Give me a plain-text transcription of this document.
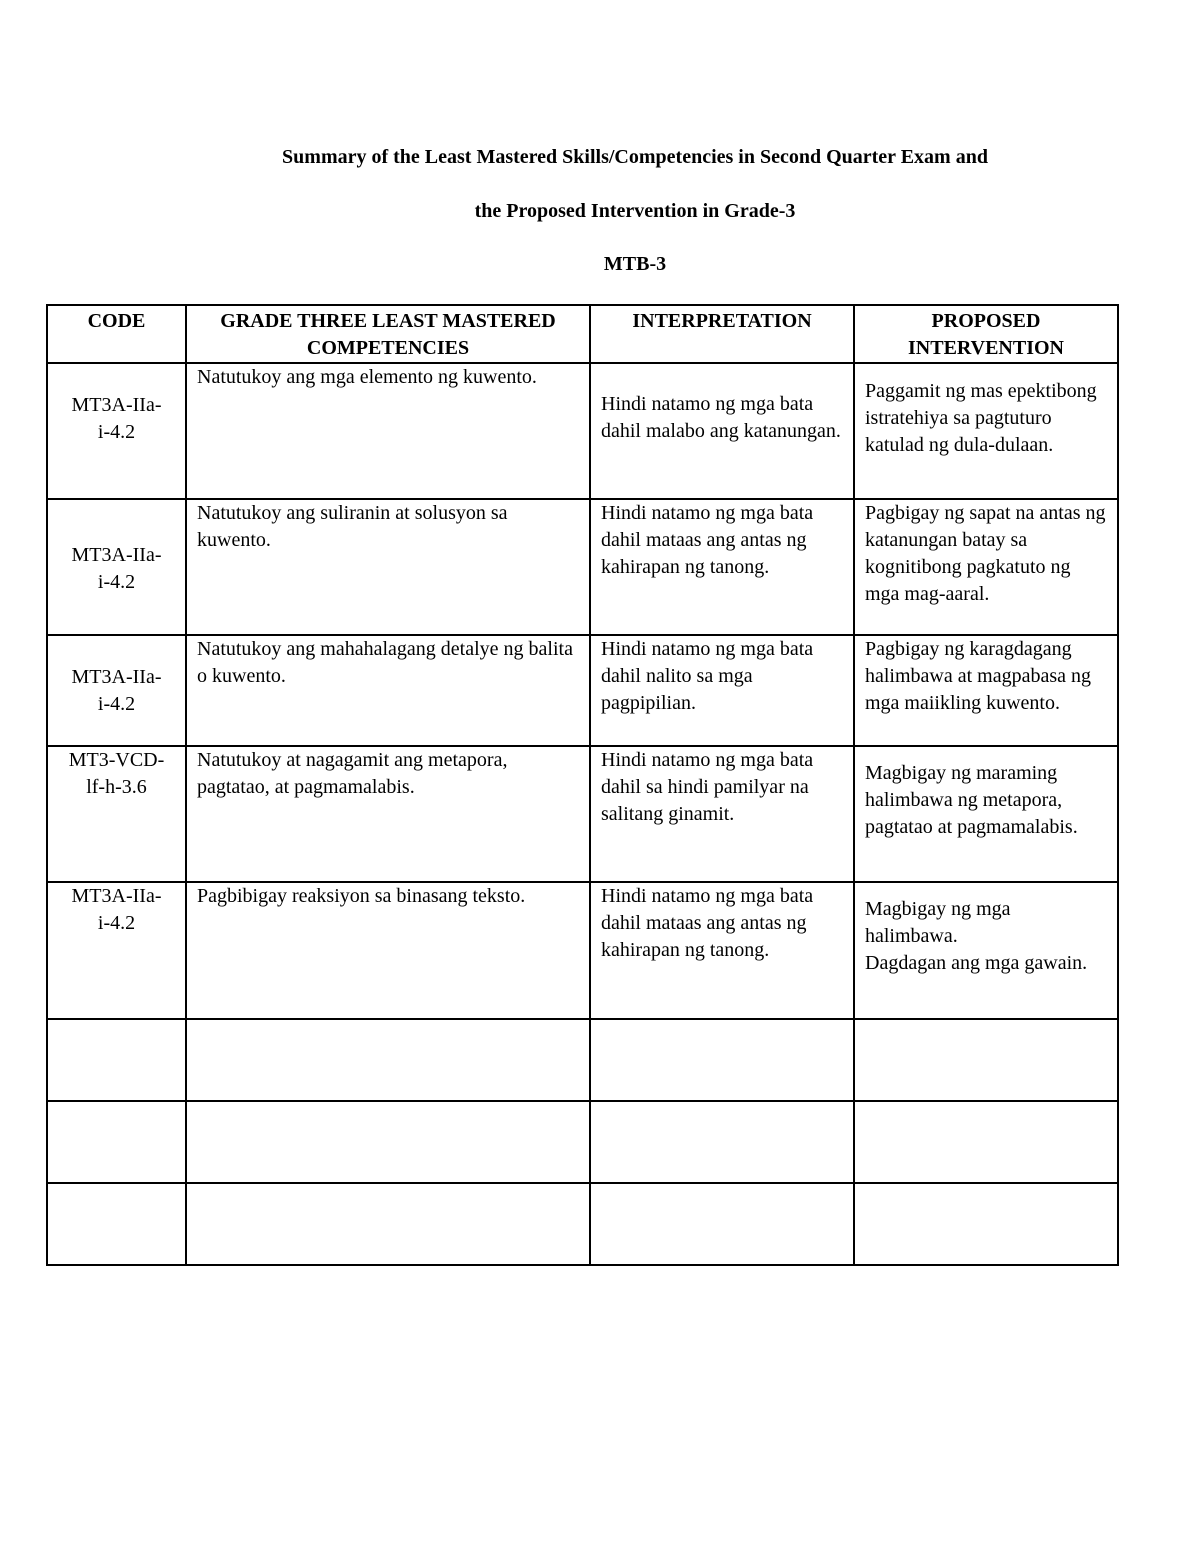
Summary of the Least Mastered Skills/Competencies in Second Quarter Exam and
the Proposed Intervention in Grade-3
MTB-3
CODE	GRADE THREE LEAST MASTERED COMPETENCIES	INTERPRETATION	PROPOSED INTERVENTION
MT3A-IIa-
i-4.2	Natutukoy ang mga elemento ng kuwento.	Hindi natamo ng mga bata dahil malabo ang katanungan.	Paggamit ng mas epektibong istratehiya sa pagtuturo katulad ng dula-dulaan.
MT3A-IIa-
i-4.2	Natutukoy ang suliranin at solusyon sa kuwento.	Hindi natamo ng mga bata dahil mataas ang antas ng kahirapan ng tanong.	Pagbigay ng sapat na antas ng katanungan batay sa kognitibong pagkatuto ng mga mag-aaral.
MT3A-IIa-
i-4.2	Natutukoy ang mahahalagang detalye ng balita o kuwento.	Hindi natamo ng mga bata dahil nalito sa mga pagpipilian.	Pagbigay ng karagdagang halimbawa at magpabasa ng mga maiikling kuwento.
MT3-VCD-
lf-h-3.6	Natutukoy at nagagamit ang metapora, pagtatao, at pagmamalabis.	Hindi natamo ng mga bata dahil sa hindi pamilyar na salitang ginamit.	Magbigay ng maraming halimbawa ng metapora, pagtatao at pagmamalabis.
MT3A-IIa-
i-4.2	Pagbibigay reaksiyon sa binasang teksto.	Hindi natamo ng mga bata dahil mataas ang antas ng kahirapan ng tanong.	Magbigay ng mga halimbawa.
Dagdagan ang mga gawain.
